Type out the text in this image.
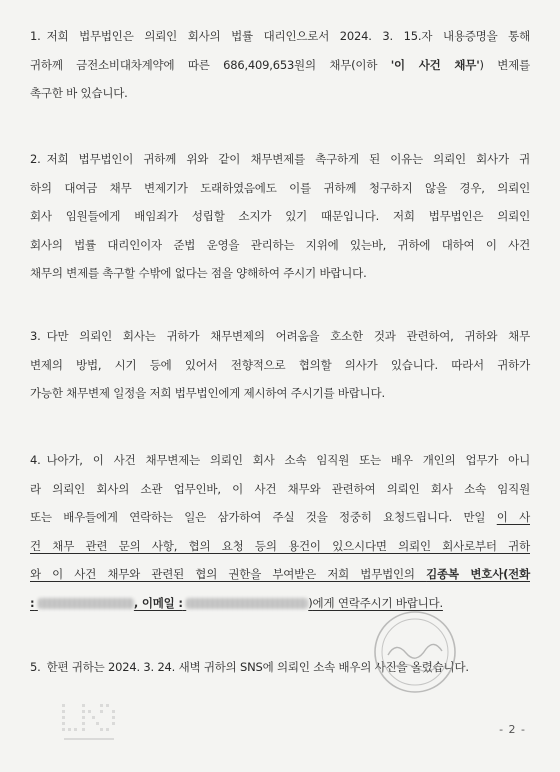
1. 저희 법무법인은 의뢰인 회사의 법률 대리인으로서 2024. 3. 15.자 내용증명을 통해
귀하께 금전소비대차계약에 따른 686,409,653원의 채무(이하 '이 사건 채무') 변제를
촉구한 바 있습니다.
2. 저희 법무법인이 귀하께 위와 같이 채무변제를 촉구하게 된 이유는 의뢰인 회사가 귀
하의 대여금 채무 변제기가 도래하였음에도 이를 귀하께 청구하지 않을 경우, 의뢰인
회사 임원들에게 배임죄가 성립할 소지가 있기 때문입니다. 저희 법무법인은 의뢰인
회사의 법률 대리인이자 준법 운영을 관리하는 지위에 있는바, 귀하에 대하여 이 사건
채무의 변제를 촉구할 수밖에 없다는 점을 양해하여 주시기 바랍니다.
3. 다만 의뢰인 회사는 귀하가 채무변제의 어려움을 호소한 것과 관련하여, 귀하와 채무
변제의 방법, 시기 등에 있어서 전향적으로 협의할 의사가 있습니다. 따라서 귀하가
가능한 채무변제 일정을 저희 법무법인에게 제시하여 주시기를 바랍니다.
4. 나아가, 이 사건 채무변제는 의뢰인 회사 소속 임직원 또는 배우 개인의 업무가 아니
라 의뢰인 회사의 소관 업무인바, 이 사건 채무와 관련하여 의뢰인 회사 소속 임직원
또는 배우들에게 연락하는 일은 삼가하여 주실 것을 정중히 요청드립니다. 만일 이 사
건 채무 관련 문의 사항, 협의 요청 등의 용건이 있으시다면 의뢰인 회사로부터 귀하
와 이 사건 채무와 관련된 협의 권한을 부여받은 저희 법무법인의 김종복 변호사(전화
:	, 이메일 :	)에게 연락주시기 바랍니다.
5. 한편 귀하는 2024. 3. 24. 새벽 귀하의 SNS에 의뢰인 소속 배우의 사진을 올렸습니다.
- 2 -
